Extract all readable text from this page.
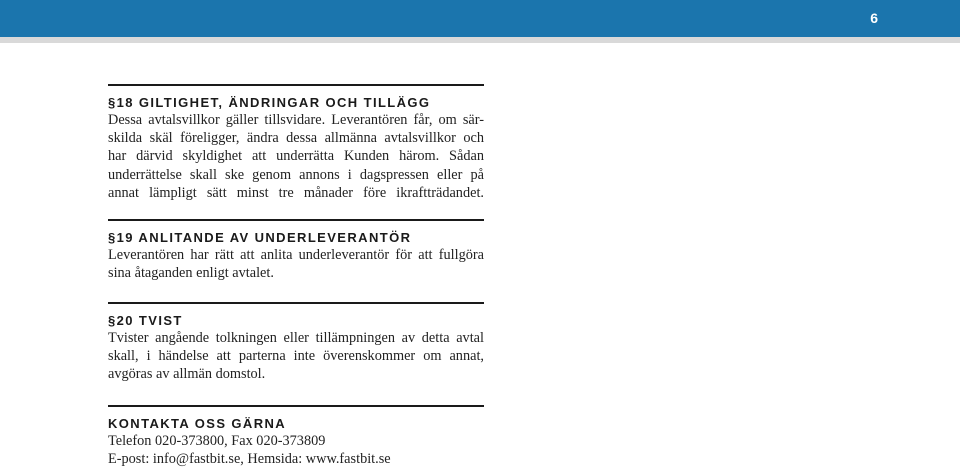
6
§18 GILTIGHET, ÄNDRINGAR OCH TILLÄGG
Dessa avtalsvillkor gäller tillsvidare. Leverantören får, om sär-
skilda skäl föreligger, ändra dessa allmänna avtalsvillkor och
har därvid skyldighet att underrätta Kunden härom. Sådan
underrättelse skall ske genom annons i dagspressen eller på
annat lämpligt sätt minst tre månader före ikraftträdandet.
§19 ANLITANDE AV UNDERLEVERANTÖR
Leverantören har rätt att anlita underleverantör för att fullgöra
sina åtaganden enligt avtalet.
§20 TVIST
Tvister angående tolkningen eller tillämpningen av detta avtal
skall, i händelse att parterna inte överenskommer om annat,
avgöras av allmän domstol.
KONTAKTA OSS GÄRNA
Telefon 020-373800, Fax 020-373809
E-post: info@fastbit.se, Hemsida: www.fastbit.se
